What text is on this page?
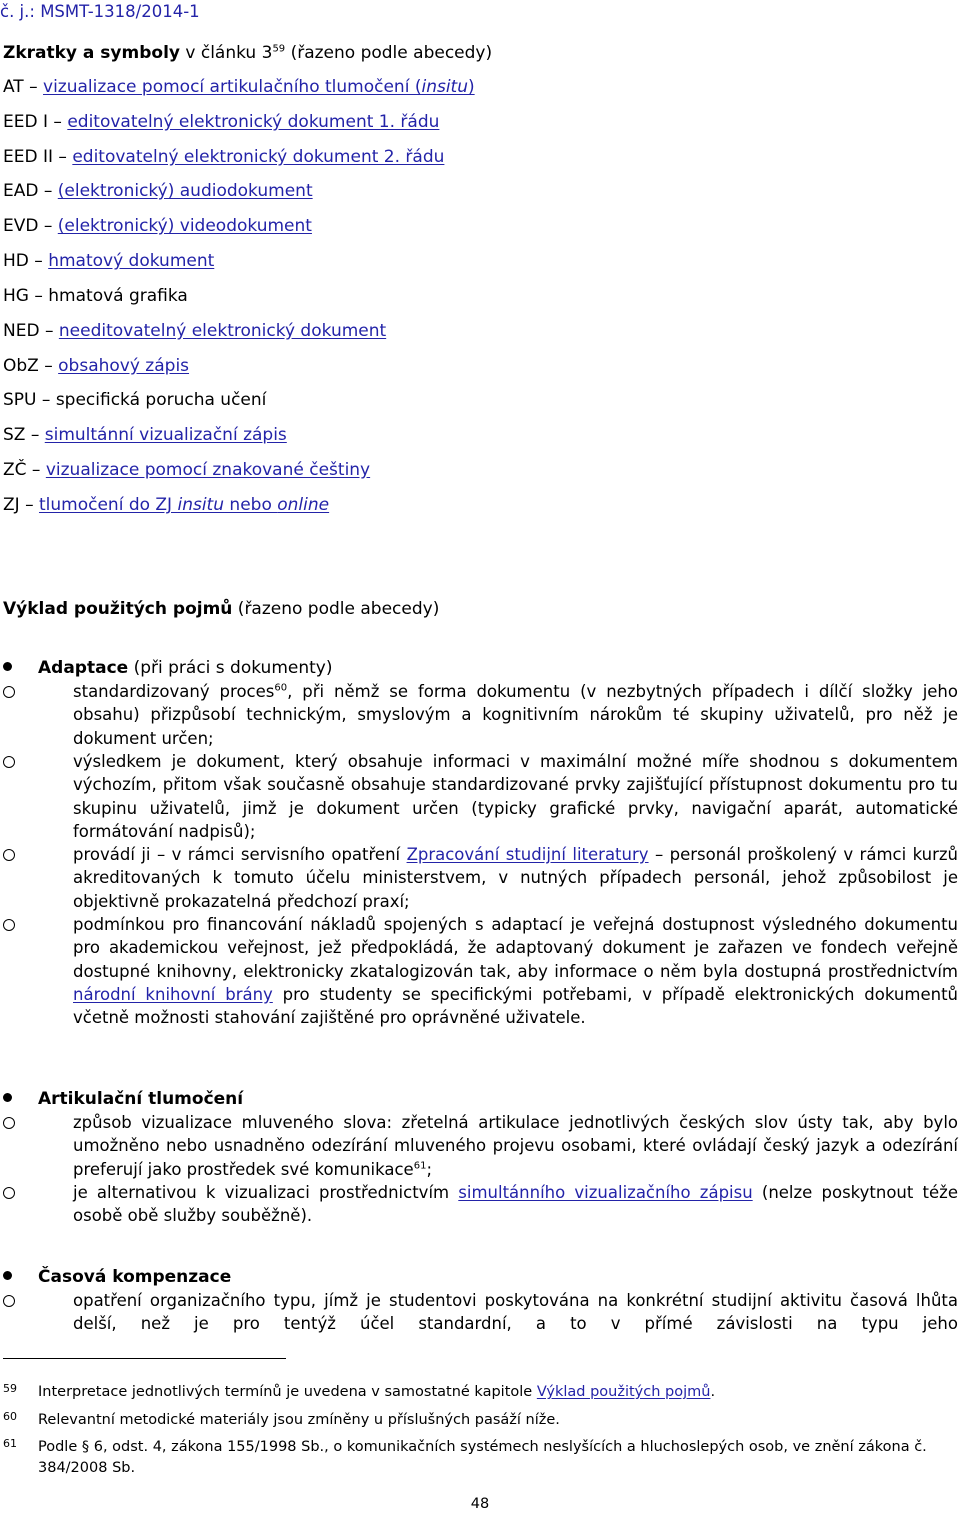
č. j.: MSMT-1318/2014-1
Zkratky a symboly v článku $3^{59}$ (řazeno podle abecedy)
AT – vizualizace pomocí artikulačního tlumočení (insitu)
EED I – editovatelný elektronický dokument 1. řádu
EED II – editovatelný elektronický dokument 2. řádu
EAD – (elektronický) audiodokument
EVD – (elektronický) videodokument
HD – hmatový dokument
HG – hmatová grafika
NED – needitovatelný elektronický dokument
ObZ – obsahový zápis
SPU – specifická porucha učení
SZ – simultánní vizualizační zápis
ZČ – vizualizace pomocí znakované češtiny
ZJ – tlumočení do ZJ insitu nebo online
Výklad použitých pojmů (řazeno podle abecedy)
Adaptace (při práci s dokumenty)
standardizovaný proces$^{60}$, při němž se forma dokumentu (v nezbytných případech i dílčí složky jeho obsahu) přizpůsobí technickým, smyslovým a kognitivním nárokům té skupiny uživatelů, pro něž je dokument určen;
výsledkem je dokument, který obsahuje informaci v maximální možné míře shodnou s dokumentem výchozím, přitom však současně obsahuje standardizované prvky zajišťující přístupnost dokumentu pro tu skupinu uživatelů, jimž je dokument určen (typicky grafické prvky, navigační aparát, automatické formátování nadpisů);
provádí ji – v rámci servisního opatření Zpracování studijní literatury – personál proškolený v rámci kurzů akreditovaných k tomuto účelu ministerstvem, v nutných případech personál, jehož způsobilost je objektivně prokazatelná předchozí praxí;
podmínkou pro financování nákladů spojených s adaptací je veřejná dostupnost výsledného dokumentu pro akademickou veřejnost, jež předpokládá, že adaptovaný dokument je zařazen ve fondech veřejně dostupné knihovny, elektronicky zkatalogizován tak, aby informace o něm byla dostupná prostřednictvím národní knihovní brány pro studenty se specifickými potřebami, v případě elektronických dokumentů včetně možnosti stahování zajištěné pro oprávněné uživatele.
Artikulační tlumočení
způsob vizualizace mluveného slova: zřetelná artikulace jednotlivých českých slov ústy tak, aby bylo umožněno nebo usnadněno odezírání mluveného projevu osobami, které ovládají český jazyk a odezírání preferují jako prostředek své komunikace$^{61}$;
je alternativou k vizualizaci prostřednictvím simultánního vizualizačního zápisu (nelze poskytnout téže osobě obě služby souběžně).
Časová kompenzace
opatření organizačního typu, jímž je studentovi poskytována na konkrétní studijní aktivitu časová lhůta delší, než je pro tentýž účel standardní, a to v přímé závislosti na typu jeho
59 Interpretace jednotlivých termínů je uvedena v samostatné kapitole Výklad použitých pojmů.
60 Relevantní metodické materiály jsou zmíněny u příslušných pasáží níže.
61 Podle § 6, odst. 4, zákona 155/1998 Sb., o komunikačních systémech neslyšících a hluchoslepých osob, ve znění zákona č. 384/2008 Sb.
48
